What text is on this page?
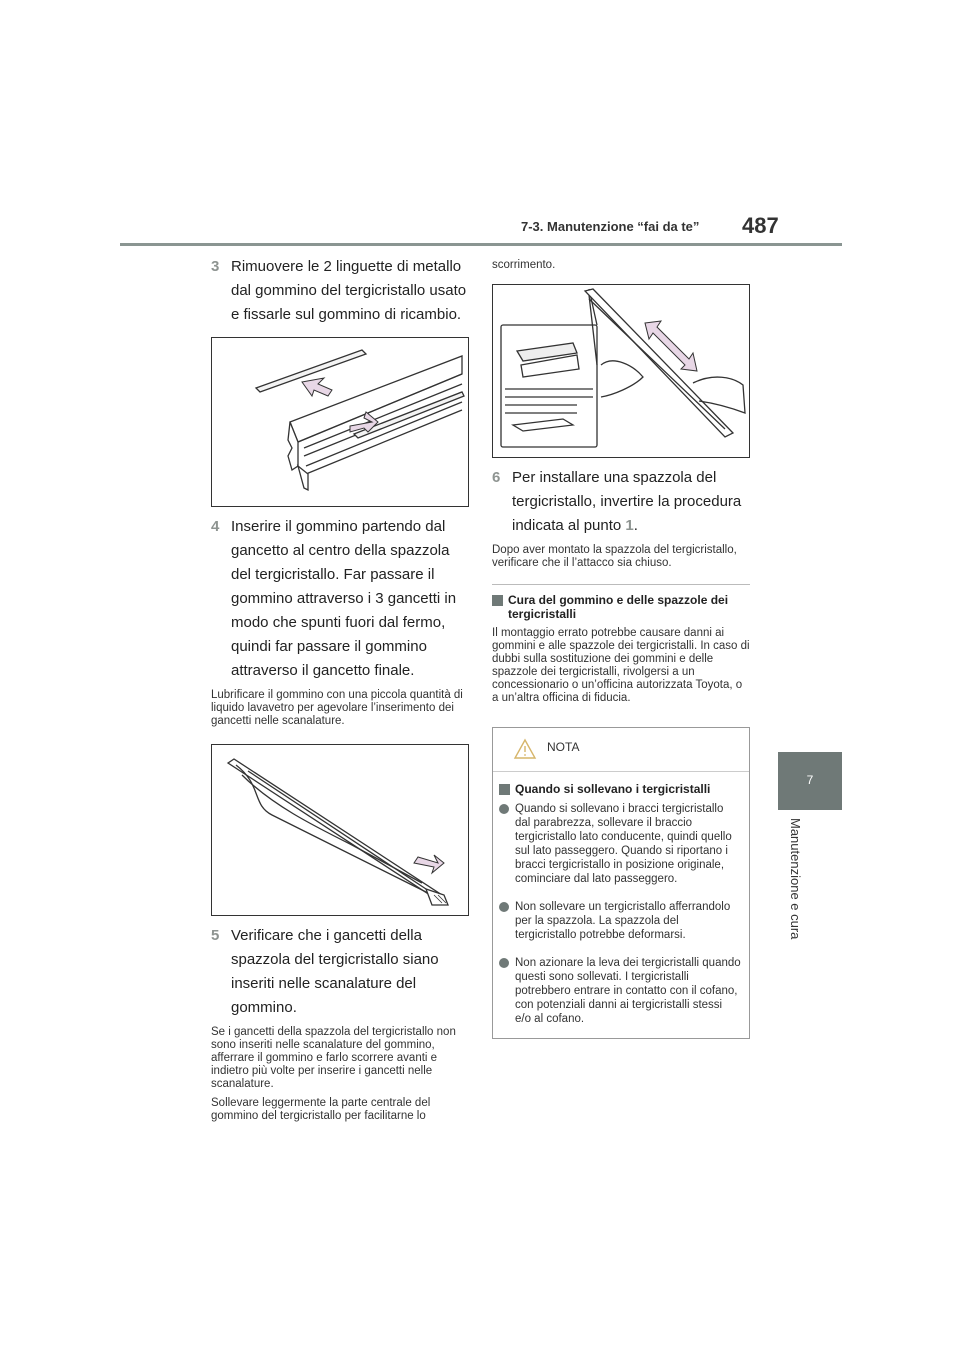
7-3. Manutenzione “fai da te” 487
7
Manutenzione e cura
3 Rimuovere le 2 linguette di metallo dal gommino del tergicristallo usato e fissarle sul gommino di ricambio.
4 Inserire il gommino partendo dal gancetto al centro della spazzola del tergicristallo. Far passare il gommino attraverso i 3 gancetti in modo che spunti fuori dal fermo, quindi far passare il gommino attraverso il gancetto finale.

Lubrificare il gommino con una piccola quantità di liquido lavavetro per agevolare l’inserimento dei gancetti nelle scanalature.

5 Verificare che i gancetti della spazzola del tergicristallo siano inseriti nelle scanalature del gommino.

Se i gancetti della spazzola del tergicristallo non sono inseriti nelle scanalature del gommino, afferrare il gommino e farlo scorrere avanti e indietro più volte per inserire i gancetti nelle scanalature.

Sollevare leggermente la parte centrale del gommino del tergicristallo per facilitarne lo

scorrimento.

6 Per installare una spazzola del tergicristallo, invertire la procedura indicata al punto 1.

Dopo aver montato la spazzola del tergicristallo, verificare che il l’attacco sia chiuso.

Cura del gommino e delle spazzole dei tergicristalli

Il montaggio errato potrebbe causare danni ai gommini e alle spazzole dei tergicristalli. In caso di dubbi sulla sostituzione dei gommini e delle spazzole dei tergicristalli, rivolgersi a un concessionario o un’officina autorizzata Toyota, o a un’altra officina di fiducia.

NOTA
Quando si sollevano i tergicristalli
Quando si sollevano i bracci tergicristallo dal parabrezza, sollevare il braccio tergicristallo lato conducente, quindi quello sul lato passeggero. Quando si riportano i bracci tergicristallo in posizione originale, cominciare dal lato passeggero.
Non sollevare un tergicristallo afferrandolo per la spazzola. La spazzola del tergicristallo potrebbe deformarsi.
Non azionare la leva dei tergicristalli quando questi sono sollevati. I tergicristalli potrebbero entrare in contatto con il cofano, con potenziali danni ai tergicristalli stessi e/o al cofano.
